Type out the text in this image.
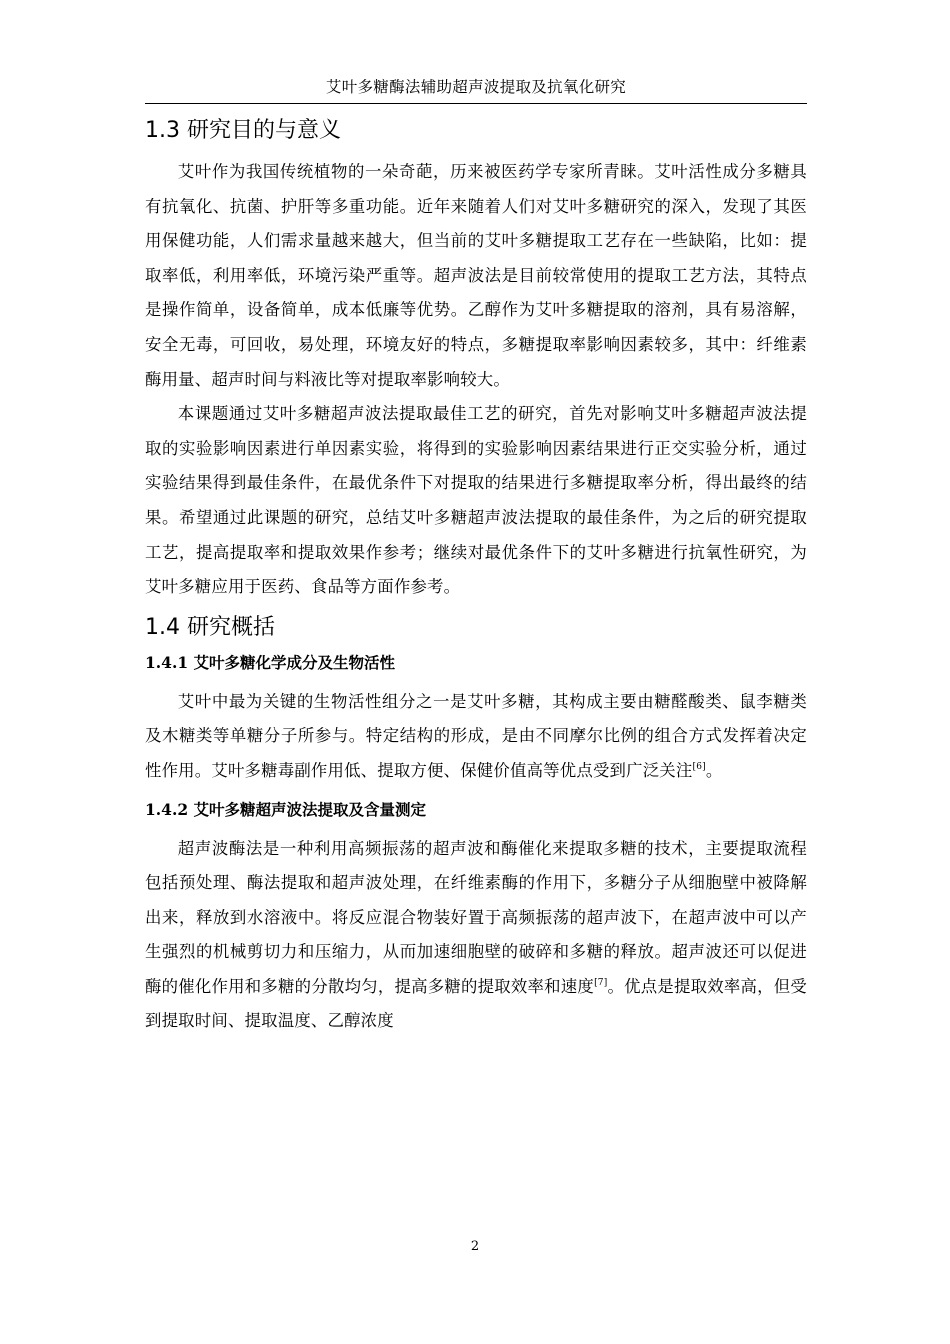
艾叶多糖酶法辅助超声波提取及抗氧化研究
1.3 研究目的与意义

艾叶作为我国传统植物的一朵奇葩，历来被医药学专家所青睐。艾叶活性成分多糖具有抗氧化、抗菌、护肝等多重功能。近年来随着人们对艾叶多糖研究的深入，发现了其医用保健功能，人们需求量越来越大，但当前的艾叶多糖提取工艺存在一些缺陷，比如：提取率低，利用率低，环境污染严重等。超声波法是目前较常使用的提取工艺方法，其特点是操作简单，设备简单，成本低廉等优势。乙醇作为艾叶多糖提取的溶剂，具有易溶解，安全无毒，可回收，易处理，环境友好的特点，多糖提取率影响因素较多，其中：纤维素酶用量、超声时间与料液比等对提取率影响较大。

本课题通过艾叶多糖超声波法提取最佳工艺的研究，首先对影响艾叶多糖超声波法提取的实验影响因素进行单因素实验，将得到的实验影响因素结果进行正交实验分析，通过实验结果得到最佳条件，在最优条件下对提取的结果进行多糖提取率分析，得出最终的结果。希望通过此课题的研究，总结艾叶多糖超声波法提取的最佳条件，为之后的研究提取工艺，提高提取率和提取效果作参考；继续对最优条件下的艾叶多糖进行抗氧性研究，为艾叶多糖应用于医药、食品等方面作参考。

1.4 研究概括
1.4.1 艾叶多糖化学成分及生物活性

艾叶中最为关键的生物活性组分之一是艾叶多糖，其构成主要由糖醛酸类、鼠李糖类及木糖类等单糖分子所参与。特定结构的形成，是由不同摩尔比例的组合方式发挥着决定性作用。艾叶多糖毒副作用低、提取方便、保健价值高等优点受到广泛关注[6]。

1.4.2 艾叶多糖超声波法提取及含量测定

超声波酶法是一种利用高频振荡的超声波和酶催化来提取多糖的技术，主要提取流程包括预处理、酶法提取和超声波处理，在纤维素酶的作用下，多糖分子从细胞壁中被降解出来，释放到水溶液中。将反应混合物装好置于高频振荡的超声波下，在超声波中可以产生强烈的机械剪切力和压缩力，从而加速细胞壁的破碎和多糖的释放。超声波还可以促进酶的催化作用和多糖的分散均匀，提高多糖的提取效率和速度[7]。优点是提取效率高，但受到提取时间、提取温度、乙醇浓度

2
